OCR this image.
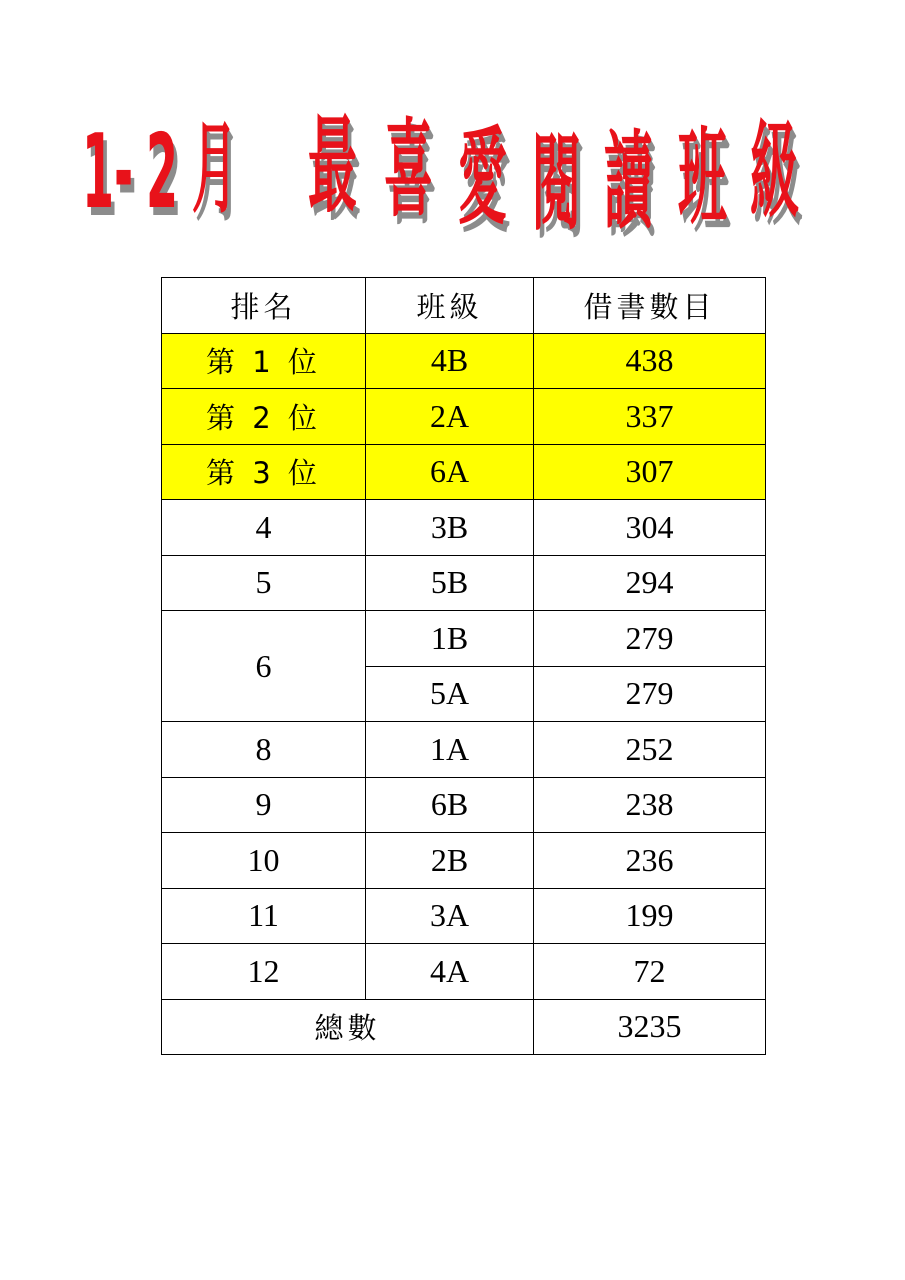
1 - 2 月 最 喜 愛 閱 讀 班 級
排名	班級	借書數目
第 1 位	4B	438
第 2 位	2A	337
第 3 位	6A	307
4	3B	304
5	5B	294
6	1B	279
	5A	279
8	1A	252
9	6B	238
10	2B	236
11	3A	199
12	4A	72
總數		3235
